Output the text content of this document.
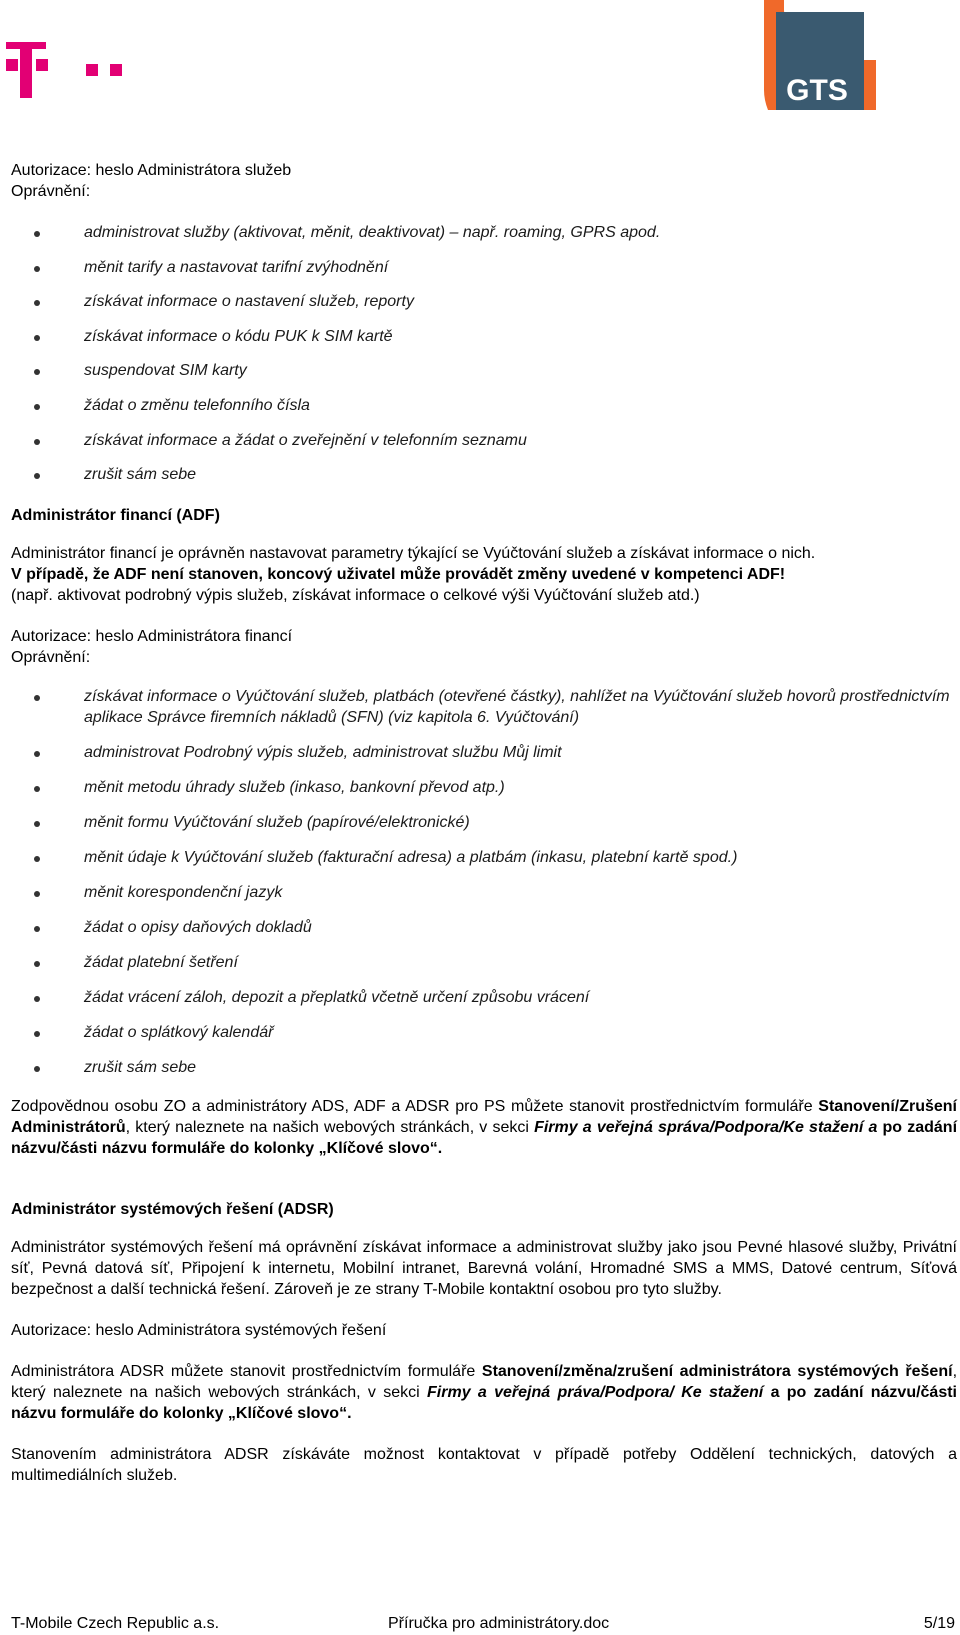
GTS

Autorizace: heslo Administrátora služeb

Oprávnění:

administrovat služby (aktivovat, měnit, deaktivovat) – např. roaming, GPRS apod.
měnit tarify a nastavovat tarifní zvýhodnění
získávat informace o nastavení služeb, reporty
získávat informace o kódu PUK k SIM kartě
suspendovat SIM karty
žádat o změnu telefonního čísla
získávat informace a žádat o zveřejnění v telefonním seznamu
zrušit sám sebe
Administrátor financí (ADF)

Administrátor financí je oprávněn nastavovat parametry týkající se Vyúčtování služeb a získávat informace o nich.

V případě, že ADF není stanoven, koncový uživatel může provádět změny uvedené v kompetenci ADF!

(např. aktivovat podrobný výpis služeb, získávat informace o celkové výši Vyúčtování služeb atd.)

Autorizace: heslo Administrátora financí

Oprávnění:

získávat informace o Vyúčtování služeb, platbách (otevřené částky), nahlížet na Vyúčtování služeb hovorů prostřednictvím aplikace Správce firemních nákladů (SFN) (viz kapitola 6. Vyúčtování)
administrovat Podrobný výpis služeb, administrovat službu Můj limit
měnit metodu úhrady služeb (inkaso, bankovní převod atp.)
měnit formu Vyúčtování služeb (papírové/elektronické)
měnit údaje k Vyúčtování služeb (fakturační adresa) a platbám (inkasu, platební kartě spod.)
měnit korespondenční jazyk
žádat o opisy daňových dokladů
žádat platební šetření
žádat vrácení záloh, depozit a přeplatků včetně určení způsobu vrácení
žádat o splátkový kalendář
zrušit sám sebe

Zodpovědnou osobu ZO a administrátory ADS, ADF a ADSR pro PS můžete stanovit prostřednictvím formuláře Stanovení/Zrušení Administrátorů, který naleznete na našich webových stránkách, v sekci Firmy a veřejná správa/Podpora/Ke stažení a po zadání názvu/části názvu formuláře do kolonky „Klíčové slovo“.

Administrátor systémových řešení (ADSR)

Administrátor systémových řešení má oprávnění získávat informace a administrovat služby jako jsou Pevné hlasové služby, Privátní síť, Pevná datová síť, Připojení k internetu, Mobilní intranet, Barevná volání, Hromadné SMS a MMS, Datové centrum, Síťová bezpečnost a další technická řešení. Zároveň je ze strany T-Mobile kontaktní osobou pro tyto služby.

Autorizace: heslo Administrátora systémových řešení

Administrátora ADSR můžete stanovit prostřednictvím formuláře Stanovení/změna/zrušení administrátora systémových řešení, který naleznete na našich webových stránkách, v sekci Firmy a veřejná práva/Podpora/ Ke stažení a po zadání názvu/části názvu formuláře do kolonky „Klíčové slovo“.

Stanovením administrátora ADSR získáváte možnost kontaktovat v případě potřeby Oddělení technických, datových a multimediálních služeb.

T-Mobile Czech Republic a.s.	Příručka pro administrátory.doc	5/19
